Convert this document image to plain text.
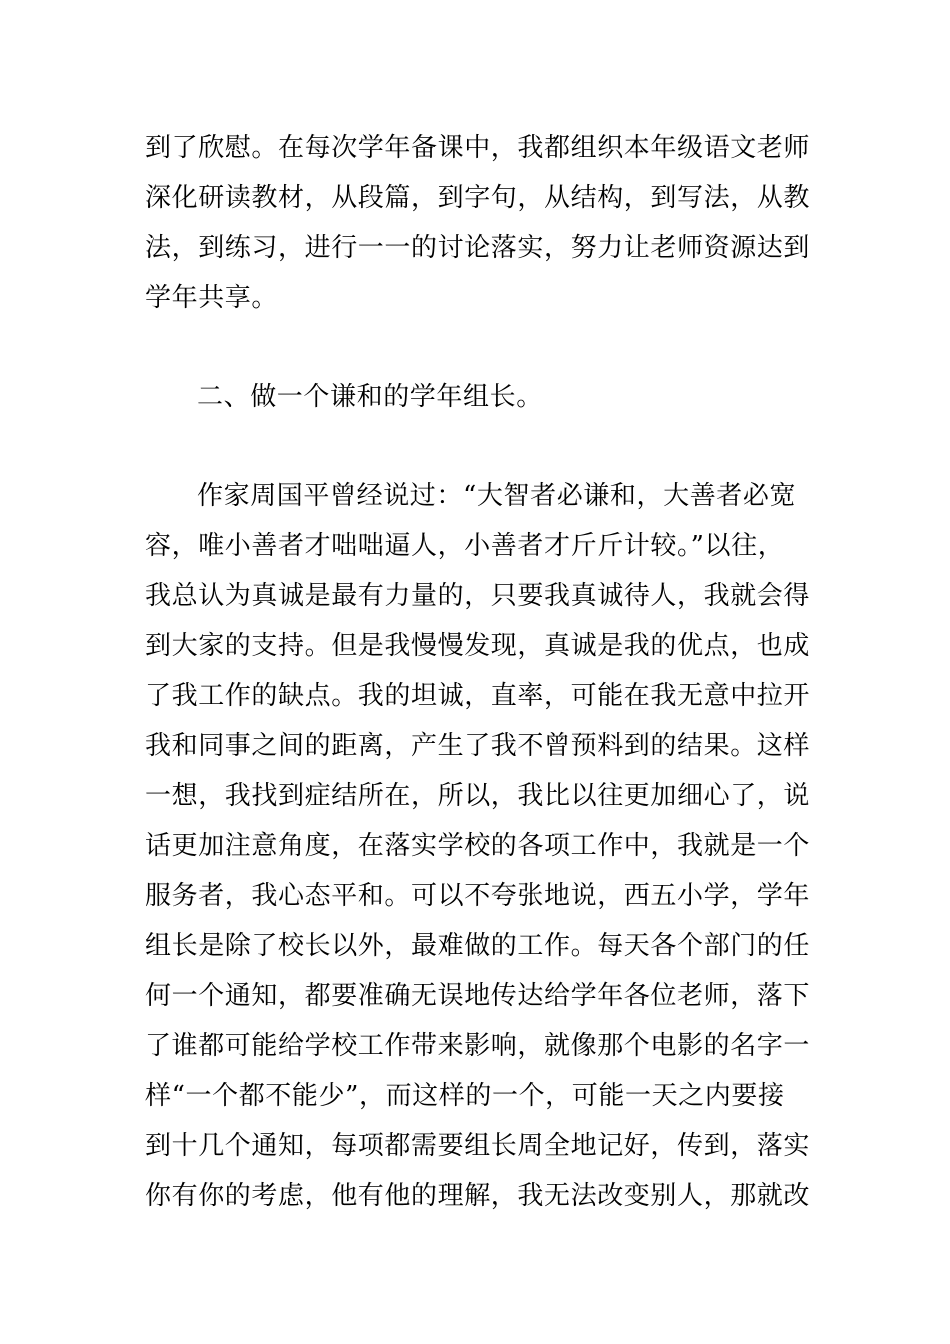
到了欣慰。在每次学年备课中，我都组织本年级语文老师
深化研读教材，从段篇，到字句，从结构，到写法，从教
法，到练习，进行一一的讨论落实，努力让老师资源达到
学年共享。
二、做一个谦和的学年组长。
作家周国平曾经说过：“大智者必谦和，大善者必宽
容，唯小善者才咄咄逼人，小善者才斤斤计较。”以往，
我总认为真诚是最有力量的，只要我真诚待人，我就会得
到大家的支持。但是我慢慢发现，真诚是我的优点，也成
了我工作的缺点。我的坦诚，直率，可能在我无意中拉开
我和同事之间的距离，产生了我不曾预料到的结果。这样
一想，我找到症结所在，所以，我比以往更加细心了，说
话更加注意角度，在落实学校的各项工作中，我就是一个
服务者，我心态平和。可以不夸张地说，西五小学，学年
组长是除了校长以外，最难做的工作。每天各个部门的任
何一个通知，都要准确无误地传达给学年各位老师，落下
了谁都可能给学校工作带来影响，就像那个电影的名字一
样“一个都不能少”，而这样的一个，可能一天之内要接
到十几个通知，每项都需要组长周全地记好，传到，落实
你有你的考虑，他有他的理解，我无法改变别人，那就改
